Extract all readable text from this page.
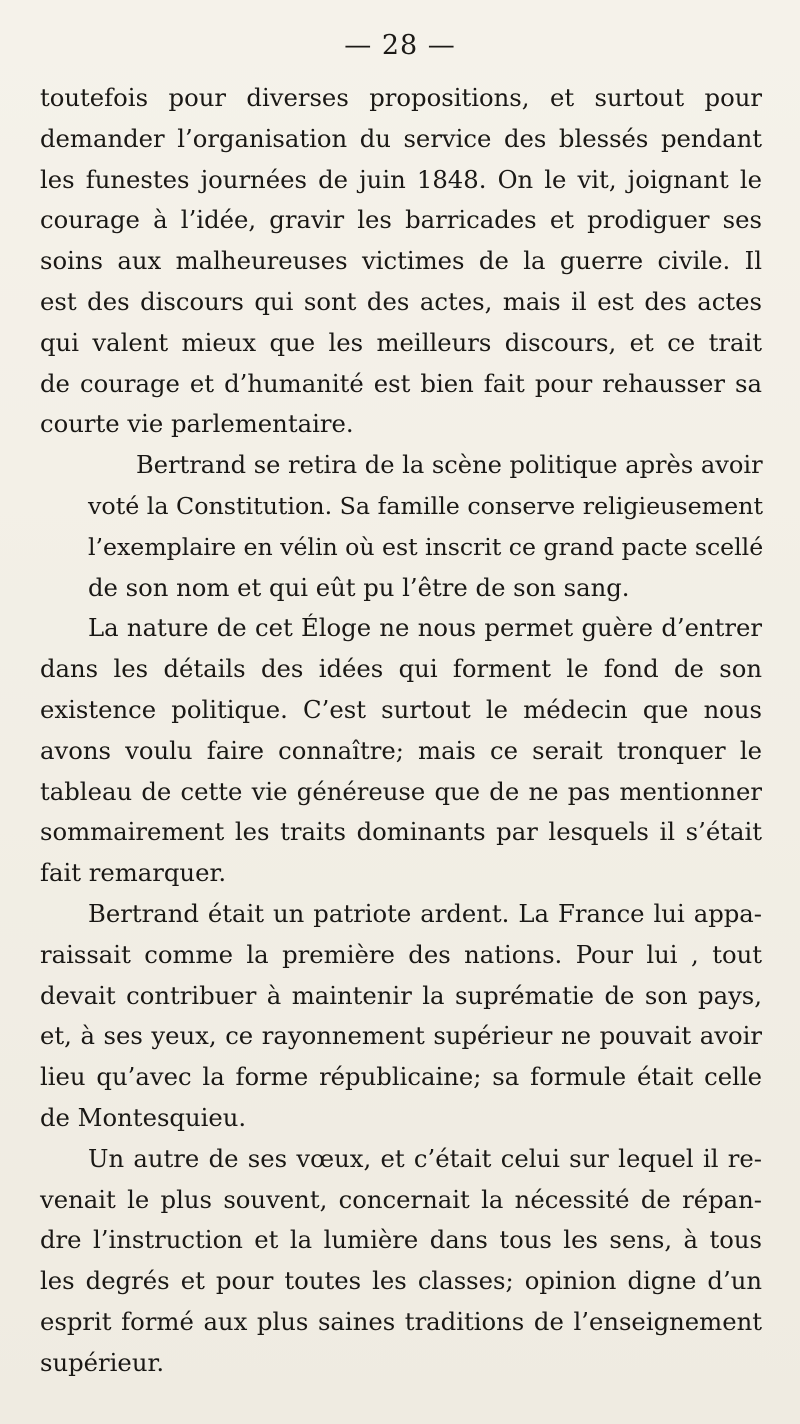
— 28 —

toutefois pour diverses propositions, et surtout pour
demander l’organisation du service des blessés pendant
les funestes journées de juin 1848. On le vit, joignant le
courage à l’idée, gravir les barricades et prodiguer ses
soins aux malheureuses victimes de la guerre civile. Il
est des discours qui sont des actes, mais il est des actes
qui valent mieux que les meilleurs discours, et ce trait
de courage et d’humanité est bien fait pour rehausser sa
courte vie parlementaire.

Bertrand se retira de la scène politique après avoir
voté la Constitution. Sa famille conserve religieusement
l’exemplaire en vélin où est inscrit ce grand pacte scellé
de son nom et qui eût pu l’être de son sang.

La nature de cet Éloge ne nous permet guère d’entrer
dans les détails des idées qui forment le fond de son
existence politique. C’est surtout le médecin que nous
avons voulu faire connaître; mais ce serait tronquer le
tableau de cette vie généreuse que de ne pas mentionner
sommairement les traits dominants par lesquels il s’était
fait remarquer.

Bertrand était un patriote ardent. La France lui appa-
raissait comme la première des nations. Pour lui , tout
devait contribuer à maintenir la suprématie de son pays,
et, à ses yeux, ce rayonnement supérieur ne pouvait avoir
lieu qu’avec la forme républicaine; sa formule était celle
de Montesquieu.

Un autre de ses vœux, et c’était celui sur lequel il re-
venait le plus souvent, concernait la nécessité de répan-
dre l’instruction et la lumière dans tous les sens, à tous
les degrés et pour toutes les classes; opinion digne d’un
esprit formé aux plus saines traditions de l’enseignement
supérieur.
